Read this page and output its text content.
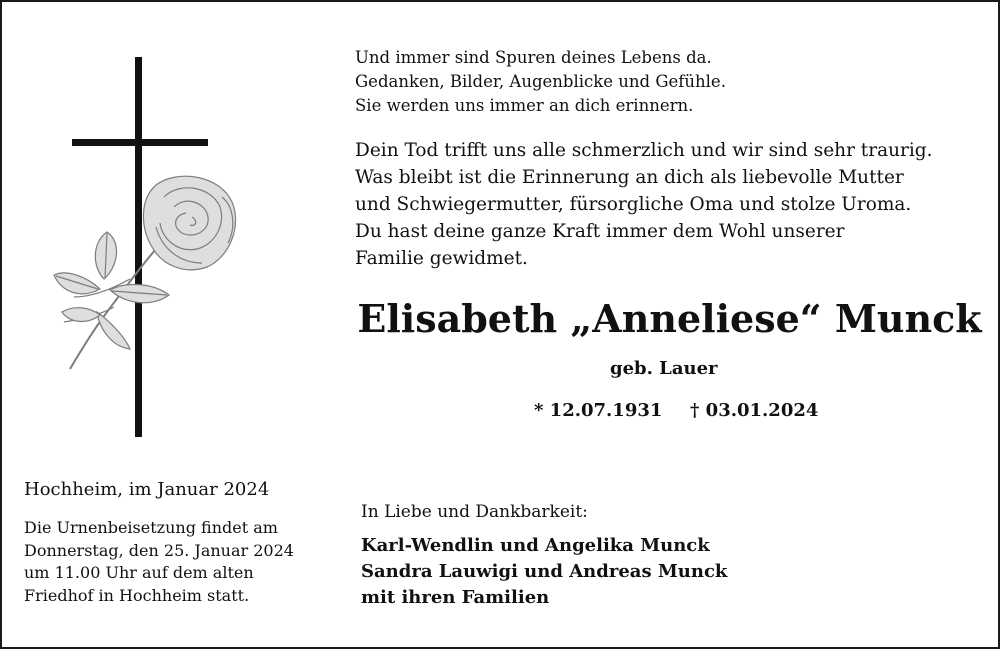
Und immer sind Spuren deines Lebens da.
Gedanken, Bilder, Augenblicke und Gefühle.
Sie werden uns immer an dich erinnern.
Dein Tod trifft uns alle schmerzlich und wir sind sehr traurig.
Was bleibt ist die Erinnerung an dich als liebevolle Mutter
und Schwiegermutter, fürsorgliche Oma und stolze Uroma.
Du hast deine ganze Kraft immer dem Wohl unserer
Familie gewidmet.
Elisabeth „Anneliese“ Munck
geb. Lauer
* 12.07.1931 † 03.01.2024
Hochheim, im Januar 2024
Die Urnenbeisetzung findet am
Donnerstag, den 25. Januar 2024
um 11.00 Uhr auf dem alten
Friedhof in Hochheim statt.
In Liebe und Dankbarkeit:
Karl-Wendlin und Angelika Munck
Sandra Lauwigi und Andreas Munck
mit ihren Familien
